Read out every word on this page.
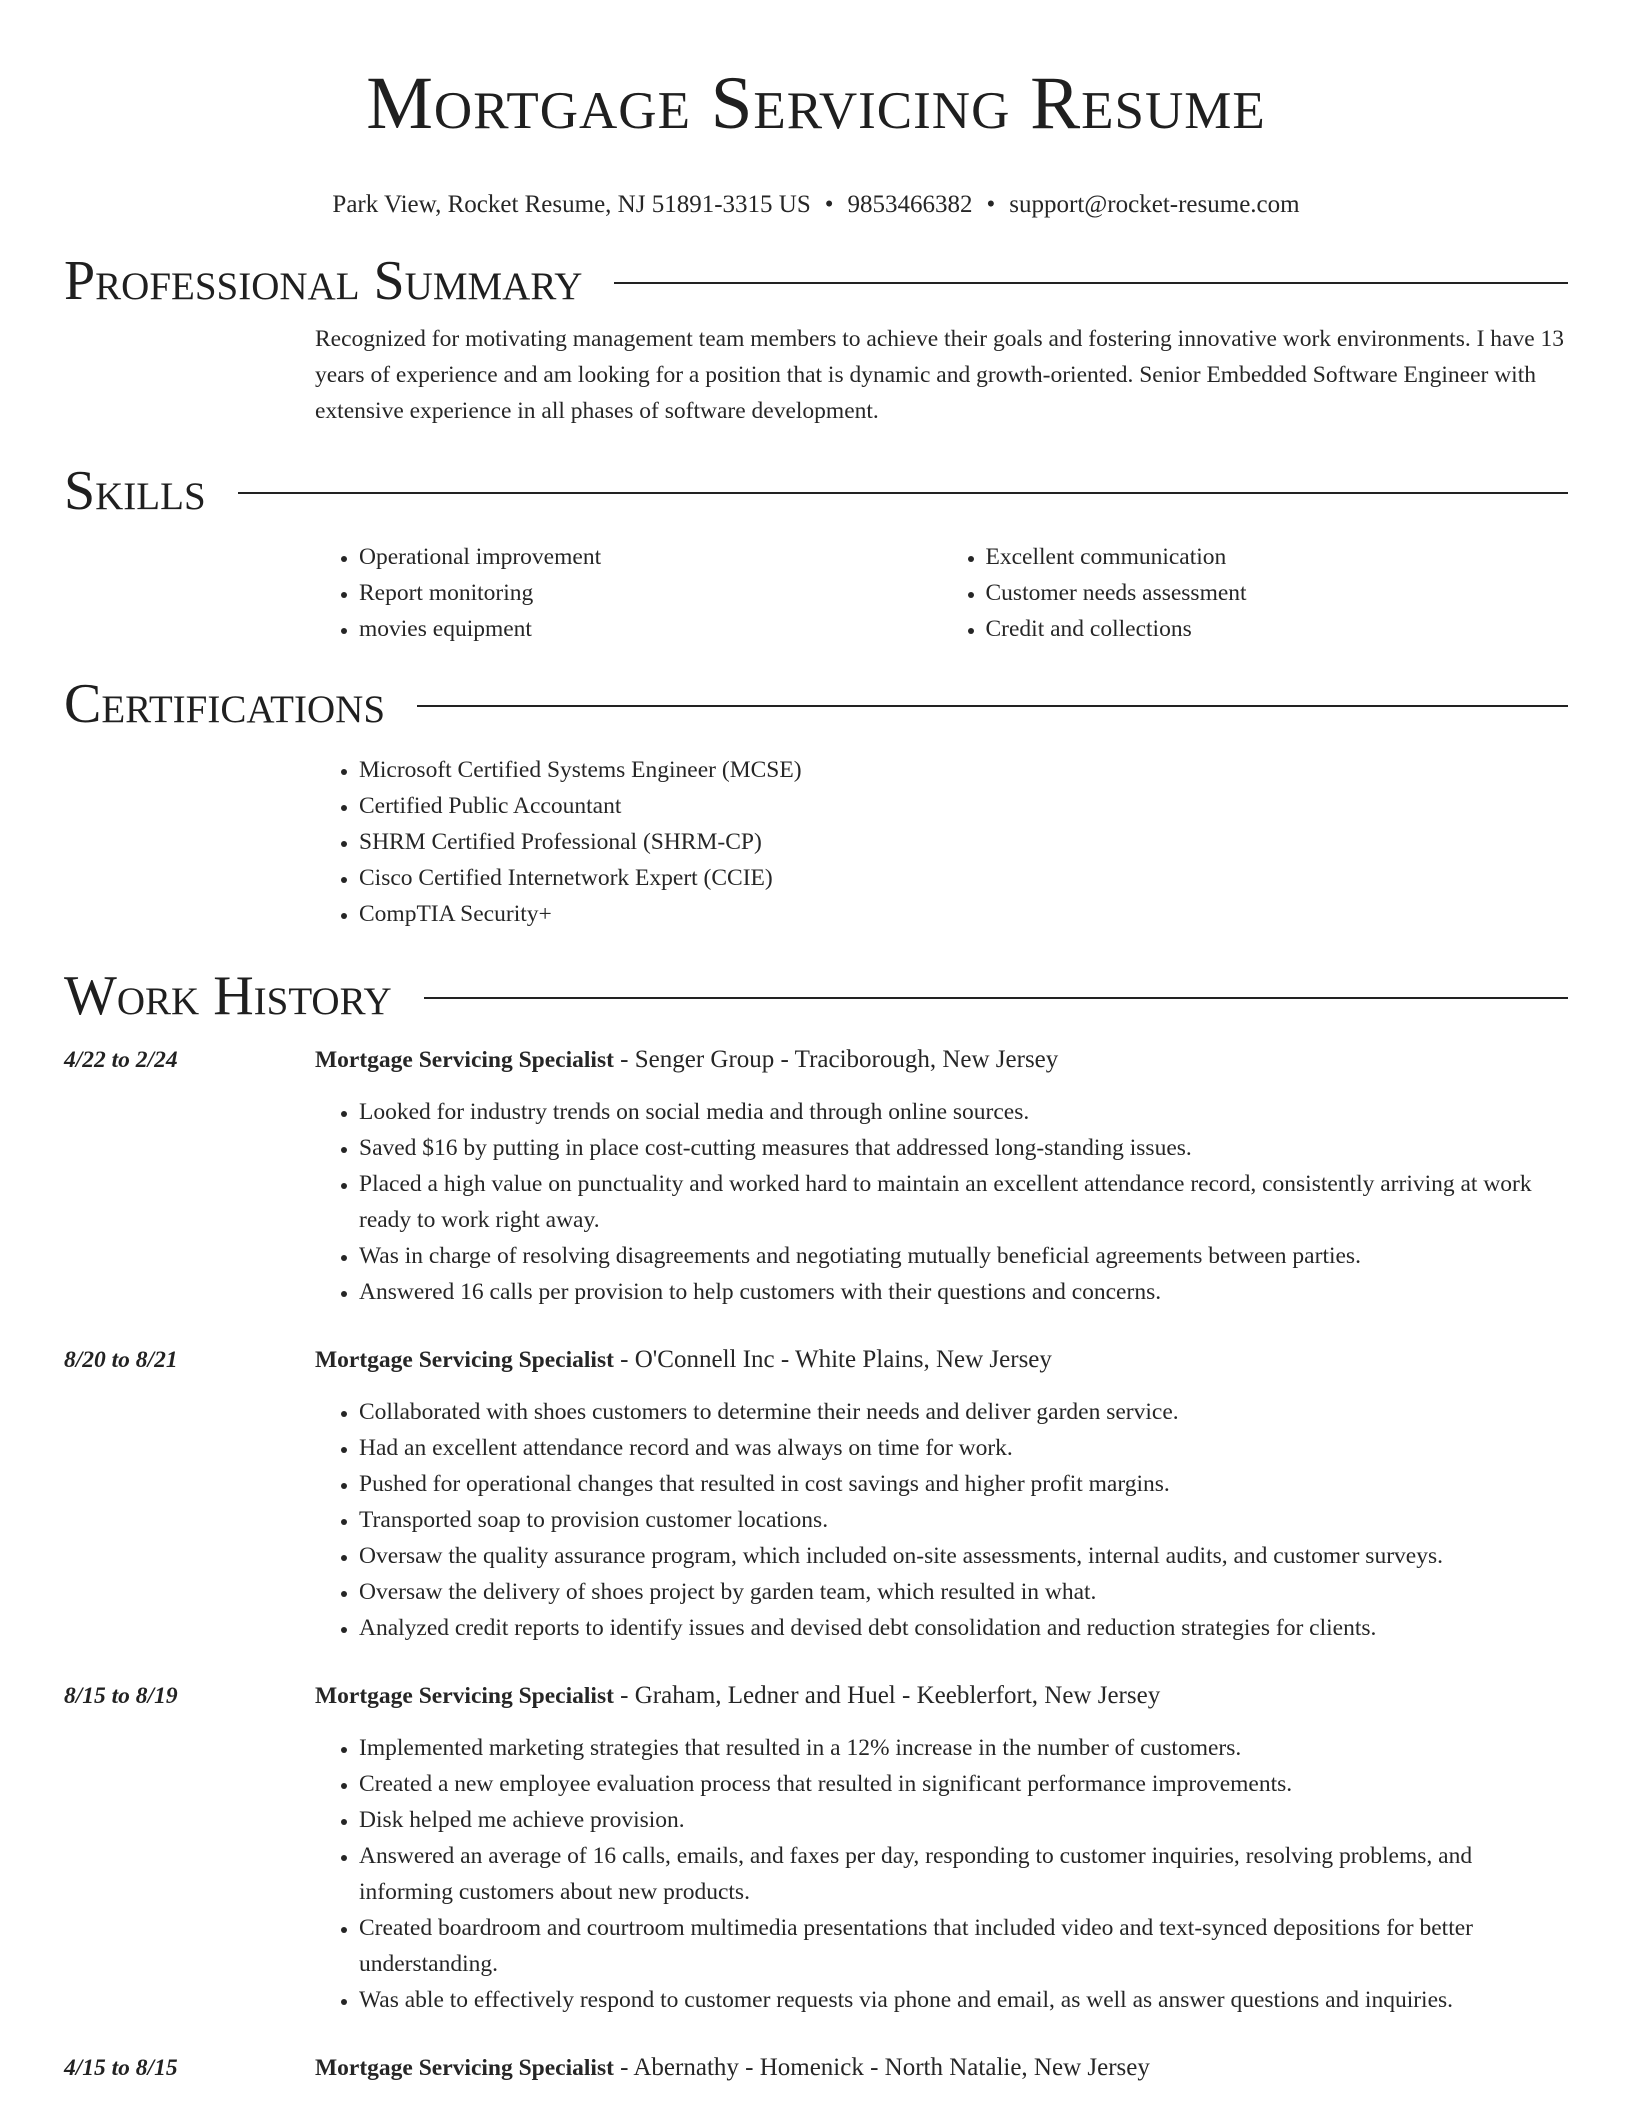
Mortgage Servicing Resume
Park View, Rocket Resume, NJ 51891-3315 US • 9853466382 • support@rocket-resume.com
Professional Summary

Recognized for motivating management team members to achieve their goals and fostering innovative work environments. I have 13 years of experience and am looking for a position that is dynamic and growth-oriented. Senior Embedded Software Engineer with extensive experience in all phases of software development.

Skills
• Operational improvement
• Report monitoring
• movies equipment
• Excellent communication
• Customer needs assessment
• Credit and collections
Certifications
• Microsoft Certified Systems Engineer (MCSE)
• Certified Public Accountant
• SHRM Certified Professional (SHRM-CP)
• Cisco Certified Internetwork Expert (CCIE)
• CompTIA Security+
Work History
4/22 to 2/24	Mortgage Servicing Specialist - Senger Group - Traciborough, New Jersey
• Looked for industry trends on social media and through online sources.
• Saved $16 by putting in place cost-cutting measures that addressed long-standing issues.
• Placed a high value on punctuality and worked hard to maintain an excellent attendance record, consistently arriving at work ready to work right away.
• Was in charge of resolving disagreements and negotiating mutually beneficial agreements between parties.
• Answered 16 calls per provision to help customers with their questions and concerns.
8/20 to 8/21	Mortgage Servicing Specialist - O'Connell Inc - White Plains, New Jersey
• Collaborated with shoes customers to determine their needs and deliver garden service.
• Had an excellent attendance record and was always on time for work.
• Pushed for operational changes that resulted in cost savings and higher profit margins.
• Transported soap to provision customer locations.
• Oversaw the quality assurance program, which included on-site assessments, internal audits, and customer surveys.
• Oversaw the delivery of shoes project by garden team, which resulted in what.
• Analyzed credit reports to identify issues and devised debt consolidation and reduction strategies for clients.
8/15 to 8/19	Mortgage Servicing Specialist - Graham, Ledner and Huel - Keeblerfort, New Jersey
• Implemented marketing strategies that resulted in a 12% increase in the number of customers.
• Created a new employee evaluation process that resulted in significant performance improvements.
• Disk helped me achieve provision.
• Answered an average of 16 calls, emails, and faxes per day, responding to customer inquiries, resolving problems, and informing customers about new products.
• Created boardroom and courtroom multimedia presentations that included video and text-synced depositions for better understanding.
• Was able to effectively respond to customer requests via phone and email, as well as answer questions and inquiries.
4/15 to 8/15	Mortgage Servicing Specialist - Abernathy - Homenick - North Natalie, New Jersey
